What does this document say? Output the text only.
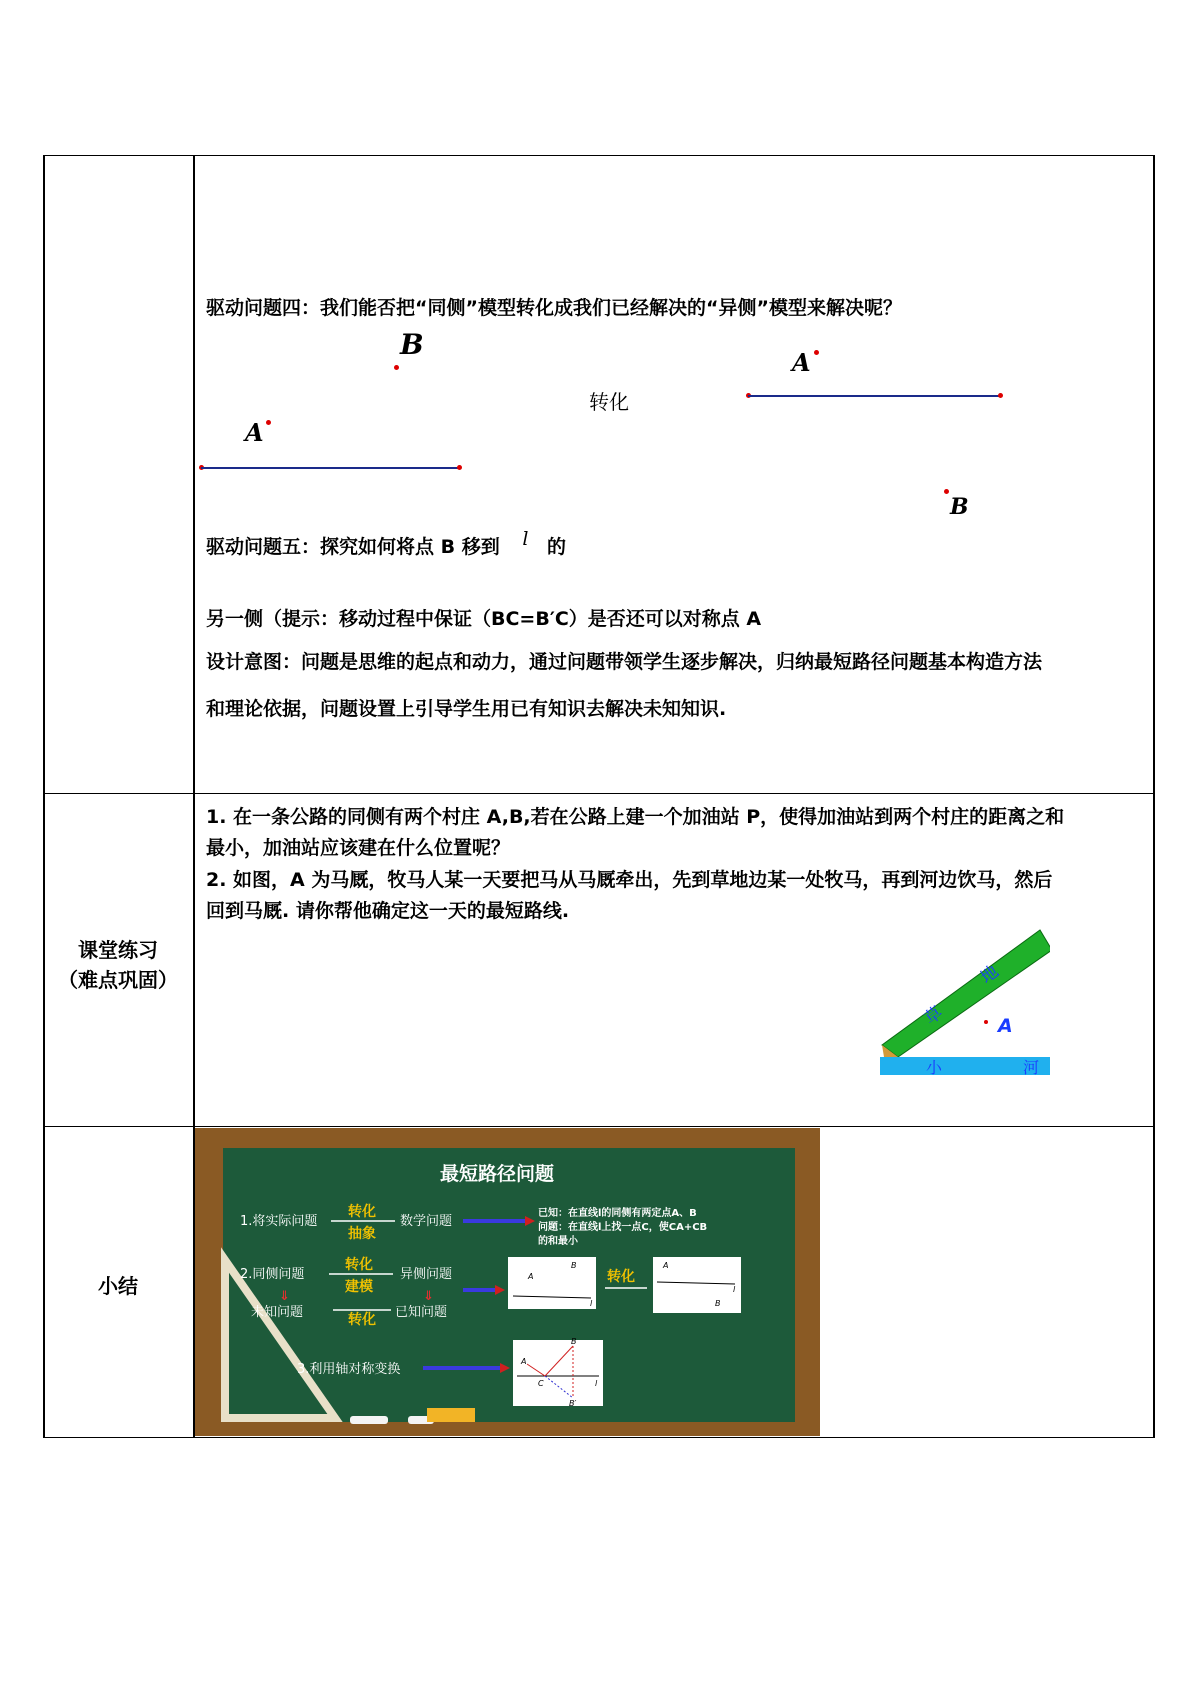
驱动问题四：我们能否把“同侧”模型转化成我们已经解决的“异侧”模型来解决呢？
B
A
转化
A
B
驱动问题五：探究如何将点 B 移到 l 的
另一侧（提示：移动过程中保证（BC=B′C）是否还可以对称点 A
设计意图：问题是思维的起点和动力，通过问题带领学生逐步解决，归纳最短路径问题基本构造方法
和理论依据，问题设置上引导学生用已有知识去解决未知知识.
课堂练习
（难点巩固）
1. 在一条公路的同侧有两个村庄 A,B,若在公路上建一个加油站 P，使得加油站到两个村庄的距离之和
最小，加油站应该建在什么位置呢？
2. 如图，A 为马厩，牧马人某一天要把马从马厩牵出，先到草地边某一处牧马，再到河边饮马，然后
回到马厩. 请你帮他确定这一天的最短路线.
草
地
A
小	河
小结
最短路径问题
1.将实际问题
转化
抽象
数学问题
已知：在直线l的同侧有两定点A、B
问题：在直线l上找一点C，使CA+CB
的和最小
2.同侧问题
转化
建模
异侧问题
⇓	⇓
未知问题	转化 已知问题
A
B
l
转化
A
l
B
3.利用轴对称变换
A
B
C	l
B′
